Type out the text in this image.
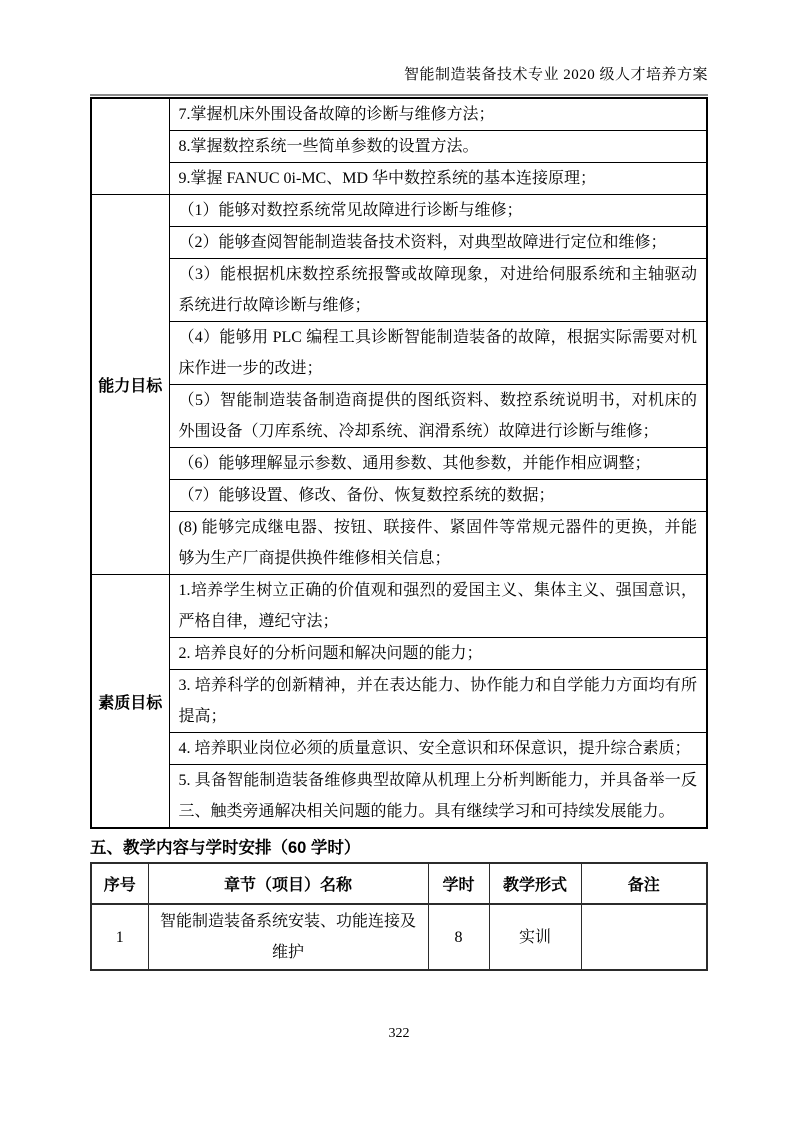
智能制造装备技术专业 2020 级人才培养方案
	7.掌握机床外围设备故障的诊断与维修方法；
	8.掌握数控系统一些简单参数的设置方法。
	9.掌握 FANUC 0i-MC、MD 华中数控系统的基本连接原理；
能力目标	（1）能够对数控系统常见故障进行诊断与维修；
	（2）能够查阅智能制造装备技术资料，对典型故障进行定位和维修；
	（3）能根据机床数控系统报警或故障现象，对进给伺服系统和主轴驱动系统进行故障诊断与维修；
	（4）能够用 PLC 编程工具诊断智能制造装备的故障，根据实际需要对机床作进一步的改进；
	（5）智能制造装备制造商提供的图纸资料、数控系统说明书，对机床的外围设备（刀库系统、冷却系统、润滑系统）故障进行诊断与维修；
	（6）能够理解显示参数、通用参数、其他参数，并能作相应调整；
	（7）能够设置、修改、备份、恢复数控系统的数据；
	(8) 能够完成继电器、按钮、联接件、紧固件等常规元器件的更换，并能够为生产厂商提供换件维修相关信息；
素质目标	1.培养学生树立正确的价值观和强烈的爱国主义、集体主义、强国意识，严格自律，遵纪守法；
	2. 培养良好的分析问题和解决问题的能力；
	3. 培养科学的创新精神，并在表达能力、协作能力和自学能力方面均有所提高；
	4. 培养职业岗位必须的质量意识、安全意识和环保意识，提升综合素质；
	5. 具备智能制造装备维修典型故障从机理上分析判断能力，并具备举一反三、触类旁通解决相关问题的能力。具有继续学习和可持续发展能力。
五、教学内容与学时安排（60 学时）
序号	章节（项目）名称	学时	教学形式	备注
1	智能制造装备系统安装、功能连接及维护	8	实训	
322
